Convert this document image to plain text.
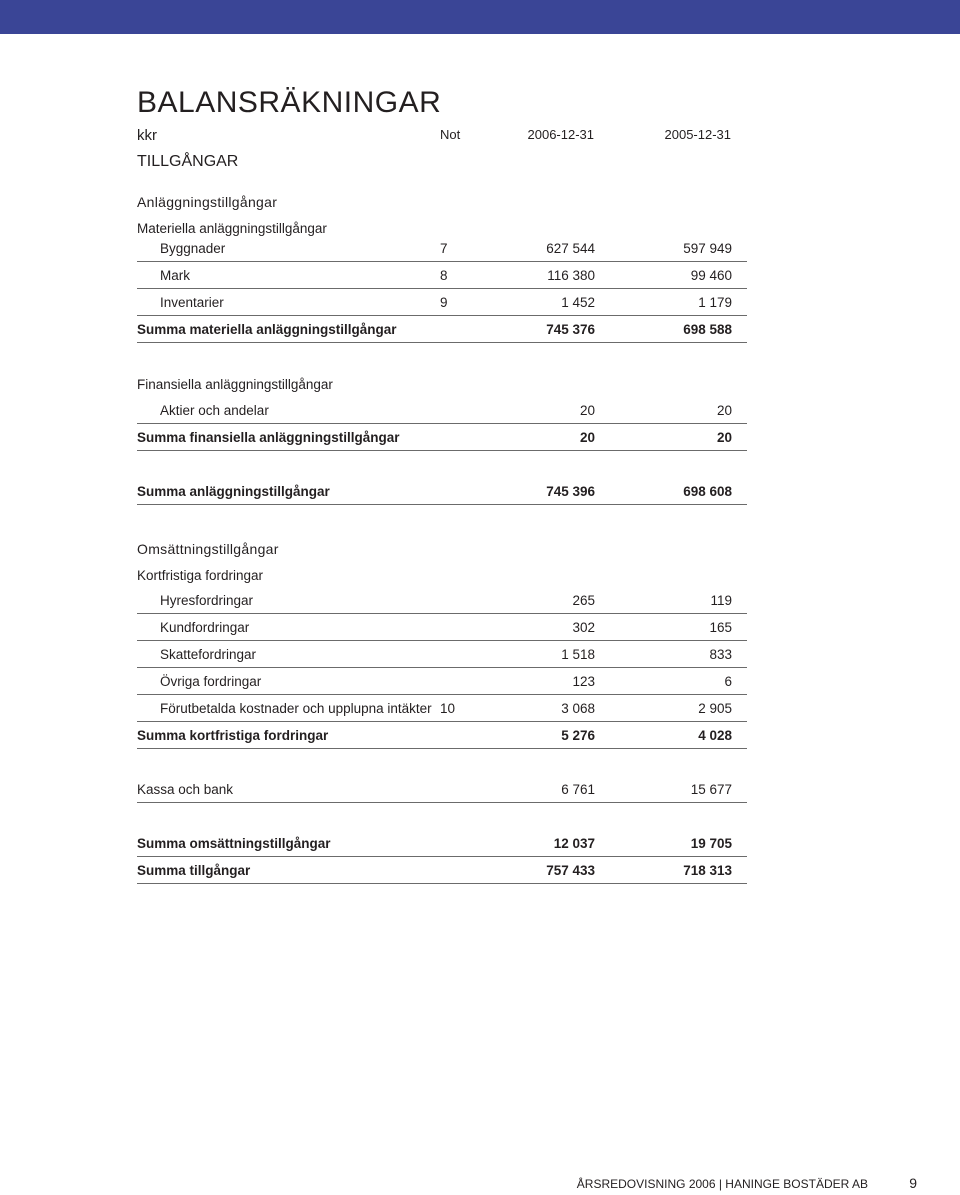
BALANSRÄKNINGAR
kkr	Not	2006-12-31	2005-12-31
TILLGÅNGAR
Anläggningstillgångar
Materiella anläggningstillgångar
Byggnader	7	627 544	597 949
Mark	8	116 380	99 460
Inventarier	9	1 452	1 179
Summa materiella anläggningstillgångar	745 376	698 588
Finansiella anläggningstillgångar
Aktier och andelar	20	20
Summa finansiella anläggningstillgångar	20	20
Summa anläggningstillgångar	745 396	698 608
Omsättningstillgångar
Kortfristiga fordringar
Hyresfordringar	265	119
Kundfordringar	302	165
Skattefordringar	1 518	833
Övriga fordringar	123	6
Förutbetalda kostnader och upplupna intäkter 10	3 068	2 905
Summa kortfristiga fordringar	5 276	4 028
Kassa och bank	6 761	15 677
Summa omsättningstillgångar	12 037	19 705
Summa tillgångar	757 433	718 313
ÅRSREDOVISNING 2006 | HANINGE BOSTÄDER AB	9
